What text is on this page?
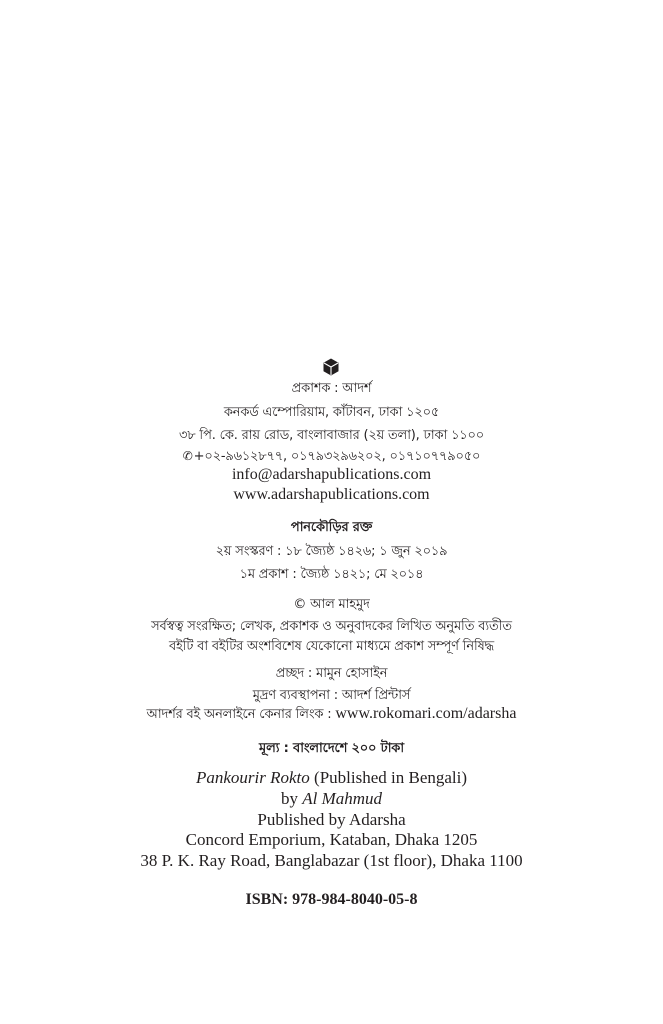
প্রকাশক : আদর্শ
কনকর্ড এম্পোরিয়াম, কাঁটাবন, ঢাকা ১২০৫
৩৮ পি. কে. রায় রোড, বাংলাবাজার (২য় তলা), ঢাকা ১১০০
✆+০২-৯৬১২৮৭৭, ০১৭৯৩২৯৬২০২, ০১৭১০৭৭৯০৫০
info@adarshapublications.com
www.adarshapublications.com
পানকৌড়ির রক্ত
২য় সংস্করণ : ১৮ জ্যৈষ্ঠ ১৪২৬; ১ জুন ২০১৯
১ম প্রকাশ : জ্যৈষ্ঠ ১৪২১; মে ২০১৪
© আল মাহমুদ
সর্বস্বত্ব সংরক্ষিত; লেখক, প্রকাশক ও অনুবাদকের লিখিত অনুমতি ব্যতীত
বইটি বা বইটির অংশবিশেষ যেকোনো মাধ্যমে প্রকাশ সম্পূর্ণ নিষিদ্ধ
প্রচ্ছদ : মামুন হোসাইন
মুদ্রণ ব্যবস্থাপনা : আদর্শ প্রিন্টার্স
আদর্শর বই অনলাইনে কেনার লিংক : www.rokomari.com/adarsha
মূল্য : বাংলাদেশে ২০০ টাকা
Pankourir Rokto (Published in Bengali)
by Al Mahmud
Published by Adarsha
Concord Emporium, Kataban, Dhaka 1205
38 P. K. Ray Road, Banglabazar (1st floor), Dhaka 1100
ISBN: 978-984-8040-05-8
